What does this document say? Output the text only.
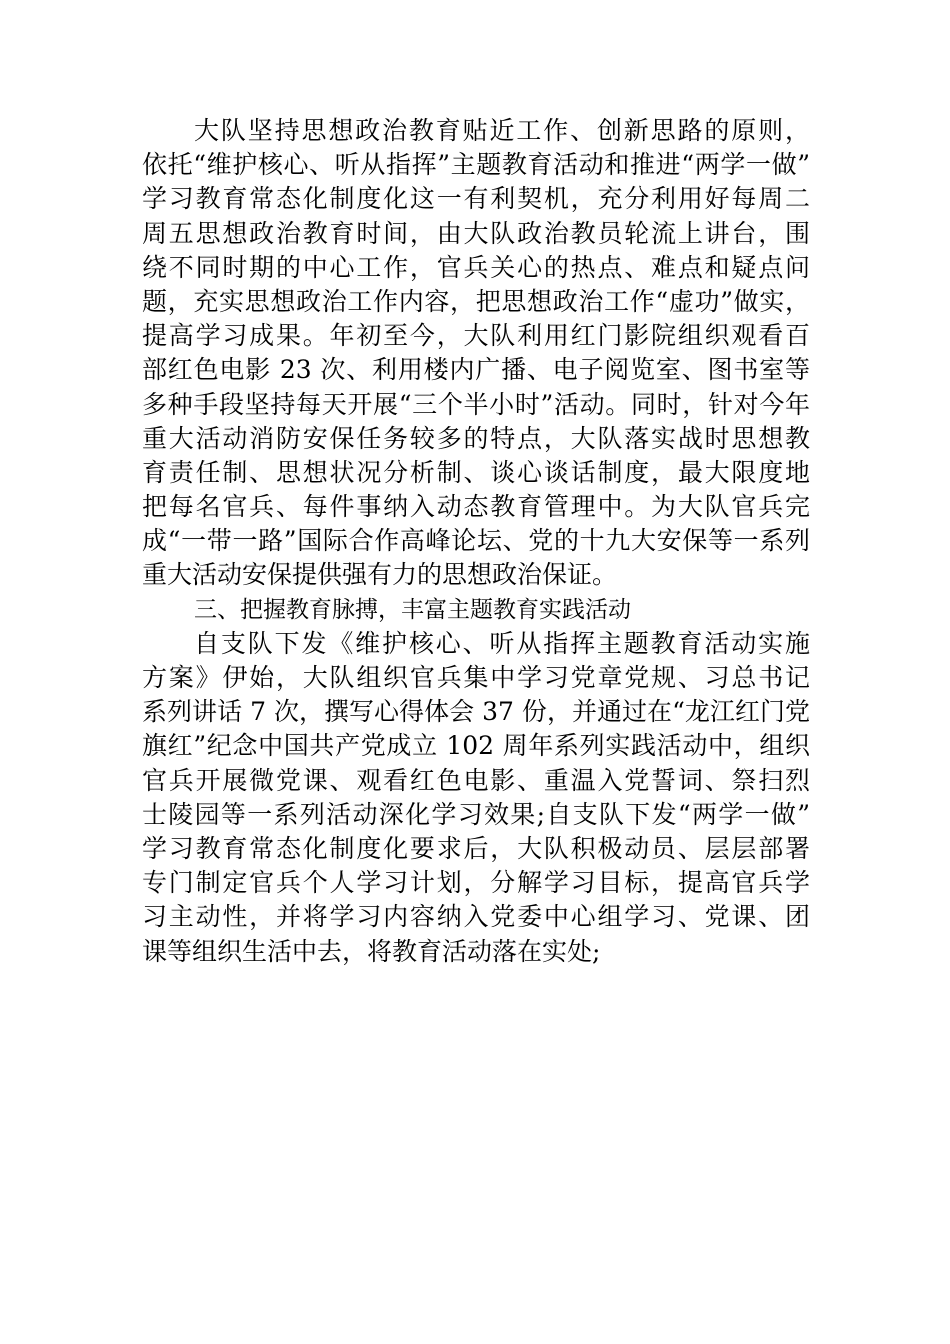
大队坚持思想政治教育贴近工作、创新思路的原则，
依托“维护核心、听从指挥”主题教育活动和推进“两学一做”
学习教育常态化制度化这一有利契机，充分利用好每周二
周五思想政治教育时间，由大队政治教员轮流上讲台，围
绕不同时期的中心工作，官兵关心的热点、难点和疑点问
题，充实思想政治工作内容，把思想政治工作“虚功”做实，
提高学习成果。年初至今，大队利用红门影院组织观看百
部红色电影 23 次、利用楼内广播、电子阅览室、图书室等
多种手段坚持每天开展“三个半小时”活动。同时，针对今年
重大活动消防安保任务较多的特点，大队落实战时思想教
育责任制、思想状况分析制、谈心谈话制度，最大限度地
把每名官兵、每件事纳入动态教育管理中。为大队官兵完
成“一带一路”国际合作高峰论坛、党的十九大安保等一系列
重大活动安保提供强有力的思想政治保证。
三、把握教育脉搏，丰富主题教育实践活动
自支队下发《维护核心、听从指挥主题教育活动实施
方案》伊始，大队组织官兵集中学习党章党规、习总书记
系列讲话 7 次，撰写心得体会 37 份，并通过在“龙江红门党
旗红”纪念中国共产党成立 102 周年系列实践活动中，组织
官兵开展微党课、观看红色电影、重温入党誓词、祭扫烈
士陵园等一系列活动深化学习效果;自支队下发“两学一做”
学习教育常态化制度化要求后，大队积极动员、层层部署
专门制定官兵个人学习计划，分解学习目标，提高官兵学
习主动性，并将学习内容纳入党委中心组学习、党课、团
课等组织生活中去，将教育活动落在实处;
